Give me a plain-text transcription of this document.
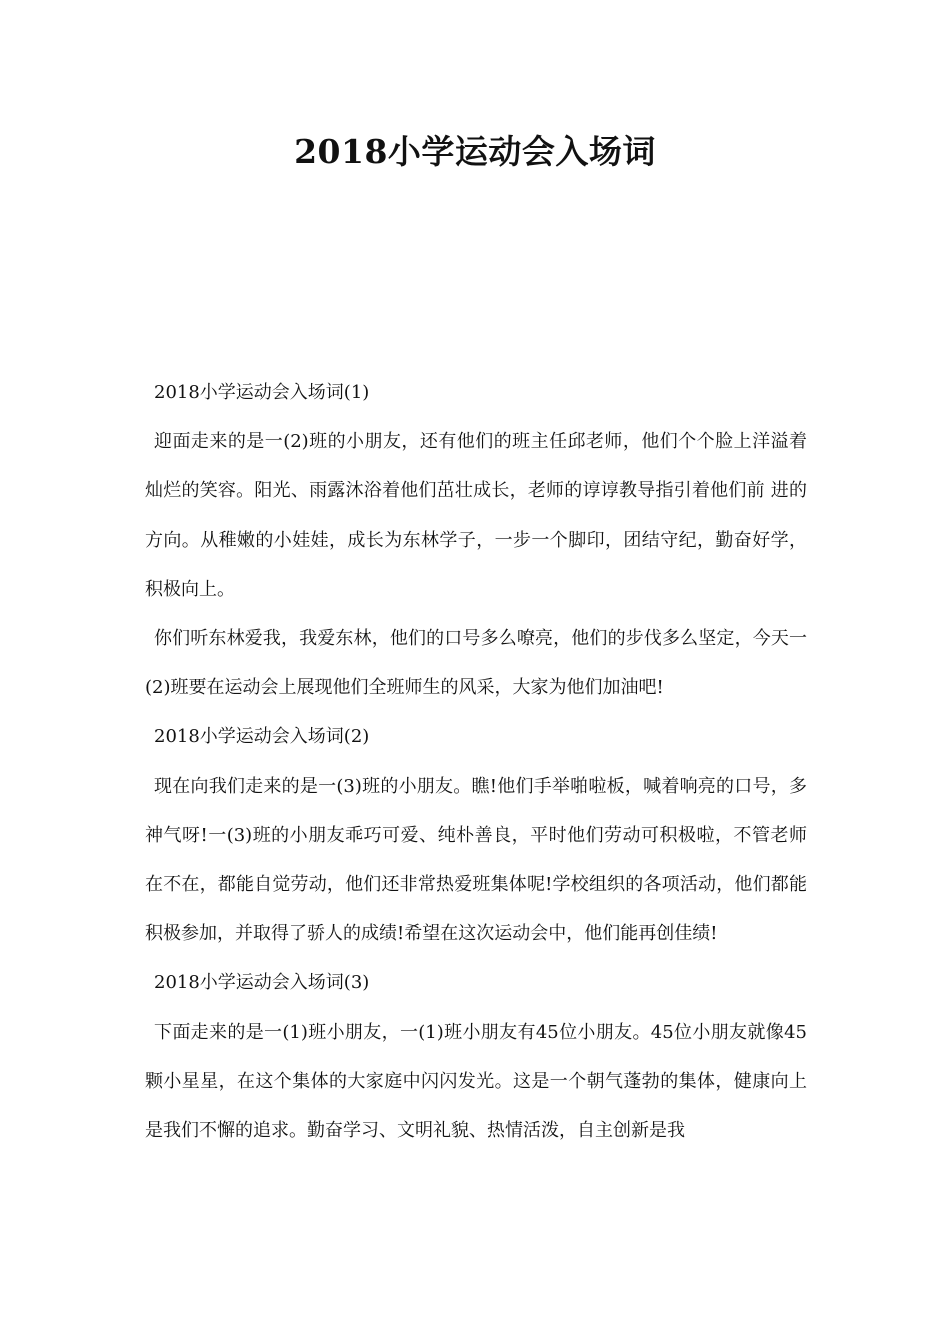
2018小学运动会入场词

2018小学运动会入场词(1)

迎面走来的是一(2)班的小朋友，还有他们的班主任邱老师，他们个个脸上洋溢着灿烂的笑容。阳光、雨露沐浴着他们茁壮成长，老师的谆谆教导指引着他们前 进的方向。从稚嫩的小娃娃，成长为东林学子，一步一个脚印，团结守纪，勤奋好学，积极向上。

你们听东林爱我，我爱东林，他们的口号多么嘹亮，他们的步伐多么坚定，今天一(2)班要在运动会上展现他们全班师生的风采，大家为他们加油吧!

2018小学运动会入场词(2)

现在向我们走来的是一(3)班的小朋友。瞧!他们手举啪啦板，喊着响亮的口号，多神气呀!一(3)班的小朋友乖巧可爱、纯朴善良，平时他们劳动可积极啦，不管老师在不在，都能自觉劳动，他们还非常热爱班集体呢!学校组织的各项活动，他们都能积极参加，并取得了骄人的成绩!希望在这次运动会中，他们能再创佳绩!

2018小学运动会入场词(3)

下面走来的是一(1)班小朋友，一(1)班小朋友有45位小朋友。45位小朋友就像45颗小星星，在这个集体的大家庭中闪闪发光。这是一个朝气蓬勃的集体，健康向上是我们不懈的追求。勤奋学习、文明礼貌、热情活泼，自主创新是我
